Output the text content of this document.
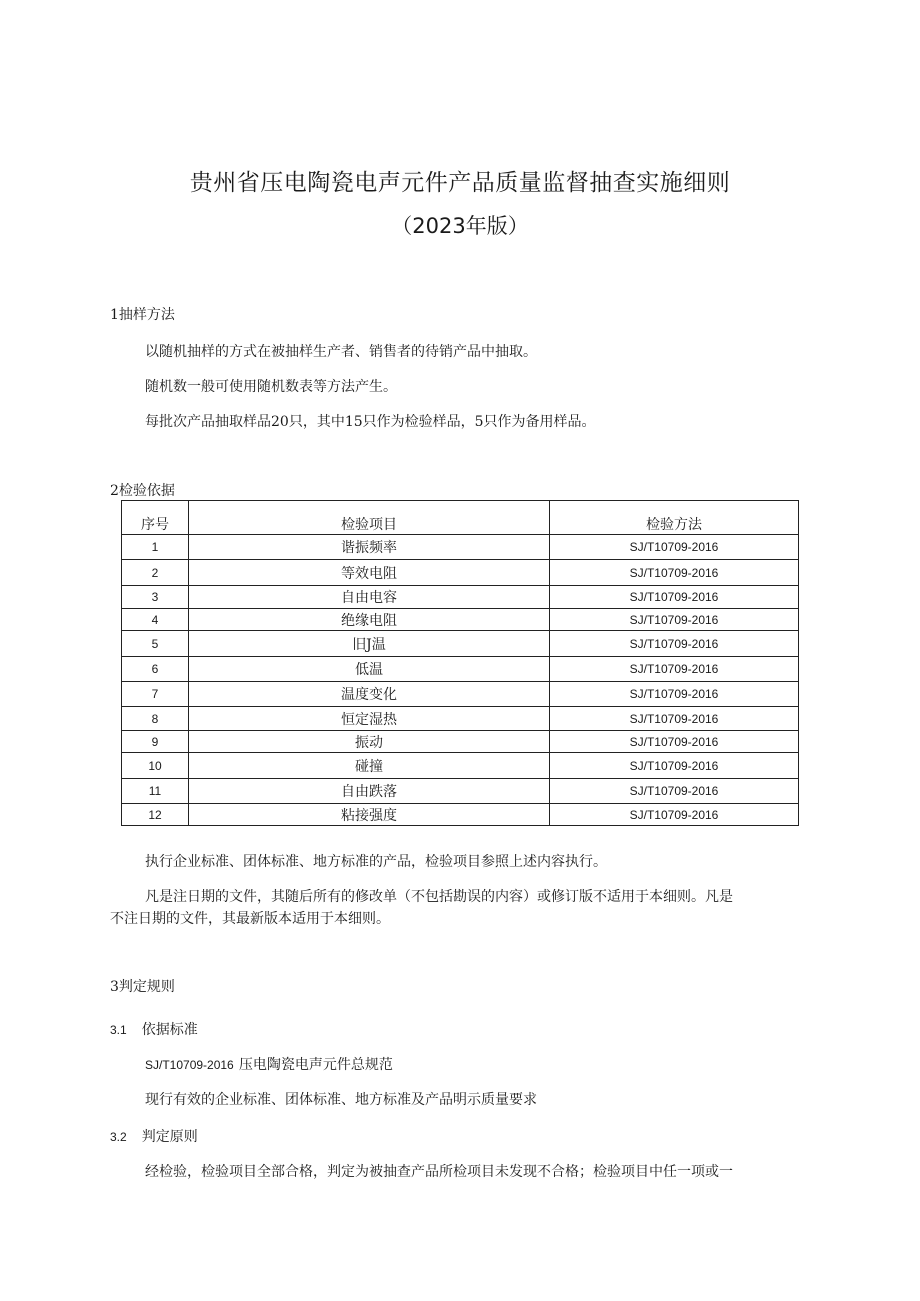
贵州省压电陶瓷电声元件产品质量监督抽查实施细则
（2023年版）
1抽样方法
以随机抽样的方式在被抽样生产者、销售者的待销产品中抽取。
随机数一般可使用随机数表等方法产生。
每批次产品抽取样品20只，其中15只作为检验样品，5只作为备用样品。
2检验依据
序号	检验项目	检验方法
1	谐振频率	SJ/T10709-2016
2	等效电阻	SJ/T10709-2016
3	自由电容	SJ/T10709-2016
4	绝缘电阻	SJ/T10709-2016
5	旧J温	SJ/T10709-2016
6	低温	SJ/T10709-2016
7	温度变化	SJ/T10709-2016
8	恒定湿热	SJ/T10709-2016
9	振动	SJ/T10709-2016
10	碰撞	SJ/T10709-2016
11	自由跌落	SJ/T10709-2016
12	粘接强度	SJ/T10709-2016
执行企业标准、团体标准、地方标准的产品，检验项目参照上述内容执行。
凡是注日期的文件，其随后所有的修改单（不包括勘误的内容）或修订版不适用于本细则。凡是
不注日期的文件，其最新版本适用于本细则。
3判定规则
3.1 依据标准
SJ/T10709-2016 压电陶瓷电声元件总规范
现行有效的企业标准、团体标准、地方标准及产品明示质量要求
3.2 判定原则
经检验，检验项目全部合格，判定为被抽查产品所检项目未发现不合格；检验项目中任一项或一
